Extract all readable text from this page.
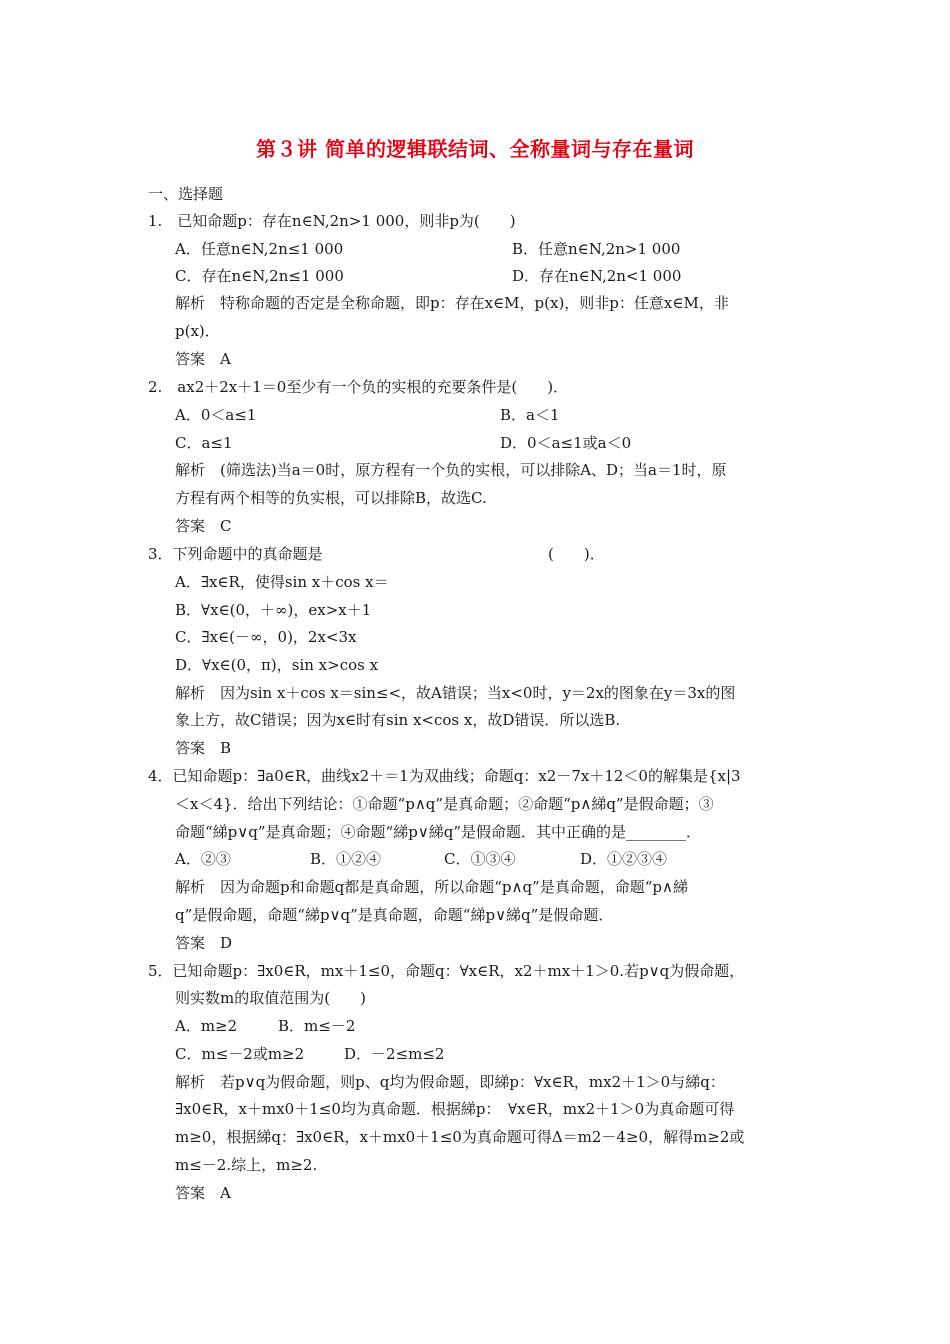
第３讲 简单的逻辑联结词、全称量词与存在量词
一、选择题
1.　已知命题p：存在n∈N,2n>1 000，则非p为(　　)
A．任意n∈N,2n≤1 000	B．任意n∈N,2n>1 000
C．存在n∈N,2n≤1 000	D．存在n∈N,2n<1 000
解析　特称命题的否定是全称命题，即p：存在x∈M，p(x)，则非p：任意x∈M，非
p(x)．
答案　A
2.　ax2＋2x＋1＝0至少有一个负的实根的充要条件是(　　)．
A．0＜a≤1	B．a＜1
C．a≤1	D．0＜a≤1或a＜0
解析　(筛选法)当a＝0时，原方程有一个负的实根，可以排除A、D；当a＝1时，原
方程有两个相等的负实根，可以排除B，故选C.
答案　C
3．下列命题中的真命题是	(　　)．
A．∃x∈R，使得sin x＋cos x＝
B．∀x∈(0，＋∞)，ex>x＋1
C．∃x∈(－∞，0)，2x<3x
D．∀x∈(0，π)，sin x>cos x
解析　因为sin x＋cos x＝sin≤<，故A错误；当x<0时，y＝2x的图象在y＝3x的图
象上方，故C错误；因为x∈时有sin x<cos x，故D错误．所以选B.
答案　B
4．已知命题p：∃a0∈R，曲线x2＋＝1为双曲线；命题q：x2－7x＋12＜0的解集是{x|3
＜x＜4}．给出下列结论：①命题“p∧q”是真命题；②命题“p∧綈q”是假命题；③
命题“綈p∨q”是真命题；④命题“綈p∨綈q”是假命题．其中正确的是________．
A．②③	B．①②④	C．①③④	D．①②③④
解析　因为命题p和命题q都是真命题，所以命题“p∧q”是真命题，命题“p∧綈
q”是假命题，命题“綈p∨q”是真命题，命题“綈p∨綈q”是假命题．
答案　D
5．已知命题p：∃x0∈R，mx＋1≤0，命题q：∀x∈R，x2＋mx＋1＞0.若p∨q为假命题，
则实数m的取值范围为(　　)
A．m≥2	B．m≤－2
C．m≤－2或m≥2	D．－2≤m≤2
解析　若p∨q为假命题，则p、q均为假命题，即綈p：∀x∈R，mx2＋1＞0与綈q：
∃x0∈R，x＋mx0＋1≤0均为真命题．根据綈p：　∀x∈R，mx2＋1＞0为真命题可得
m≥0，根据綈q：∃x0∈R，x＋mx0＋1≤0为真命题可得Δ＝m2－4≥0，解得m≥2或
m≤－2.综上，m≥2.
答案　A
